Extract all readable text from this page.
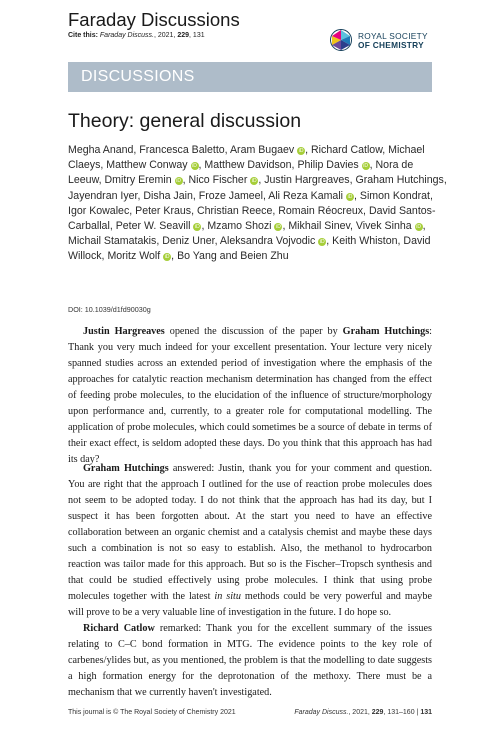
Faraday Discussions
Cite this: Faraday Discuss., 2021, 229, 131	ROYAL SOCIETY
OF CHEMISTRY
DISCUSSIONS
Theory: general discussion
Megha Anand, Francesca Baletto, Aram Bugaev iD , Richard Catlow, Michael Claeys, Matthew Conway iD , Matthew Davidson, Philip Davies iD , Nora de Leeuw, Dmitry Eremin iD , Nico Fischer iD , Justin Hargreaves, Graham Hutchings, Jayendran Iyer, Disha Jain, Froze Jameel, Ali Reza Kamali iD , Simon Kondrat, Igor Kowalec, Peter Kraus, Christian Reece, Romain Réocreux, David Santos-Carballal, Peter W. Seavill iD , Mzamo Shozi iD , Mikhail Sinev, Vivek Sinha iD , Michail Stamatakis, Deniz Uner, Aleksandra Vojvodic iD , Keith Whiston, David Willock, Moritz Wolf iD , Bo Yang and Beien Zhu
DOI: 10.1039/d1fd90030g

Justin Hargreaves opened the discussion of the paper by Graham Hutchings: Thank you very much indeed for your excellent presentation. Your lecture very nicely spanned studies across an extended period of investigation where the emphasis of the approaches for catalytic reaction mechanism determination has changed from the effect of feeding probe molecules, to the elucidation of the influence of structure/morphology upon performance and, currently, to a greater role for computational modelling. The application of probe molecules, which could sometimes be a source of debate in terms of their exact effect, is seldom adopted these days. Do you think that this approach has had its day?

Graham Hutchings answered: Justin, thank you for your comment and question. You are right that the approach I outlined for the use of reaction probe molecules does not seem to be adopted today. I do not think that the approach has had its day, but I suspect it has been forgotten about. At the start you need to have an effective collaboration between an organic chemist and a catalysis chemist and maybe these days such a combination is not so easy to establish. Also, the methanol to hydrocarbon reaction was tailor made for this approach. But so is the Fischer–Tropsch synthesis and that could be studied effectively using probe molecules. I think that using probe molecules together with the latest in situ methods could be very powerful and maybe will prove to be a very valuable line of investigation in the future. I do hope so.

Richard Catlow remarked: Thank you for the excellent summary of the issues relating to C–C bond formation in MTG. The evidence points to the key role of carbenes/ylides but, as you mentioned, the problem is that the modelling to date suggests a high formation energy for the deprotonation of the methoxy. There must be a mechanism that we currently haven't investigated.

This journal is © The Royal Society of Chemistry 2021	Faraday Discuss., 2021, 229, 131–160 | 131
